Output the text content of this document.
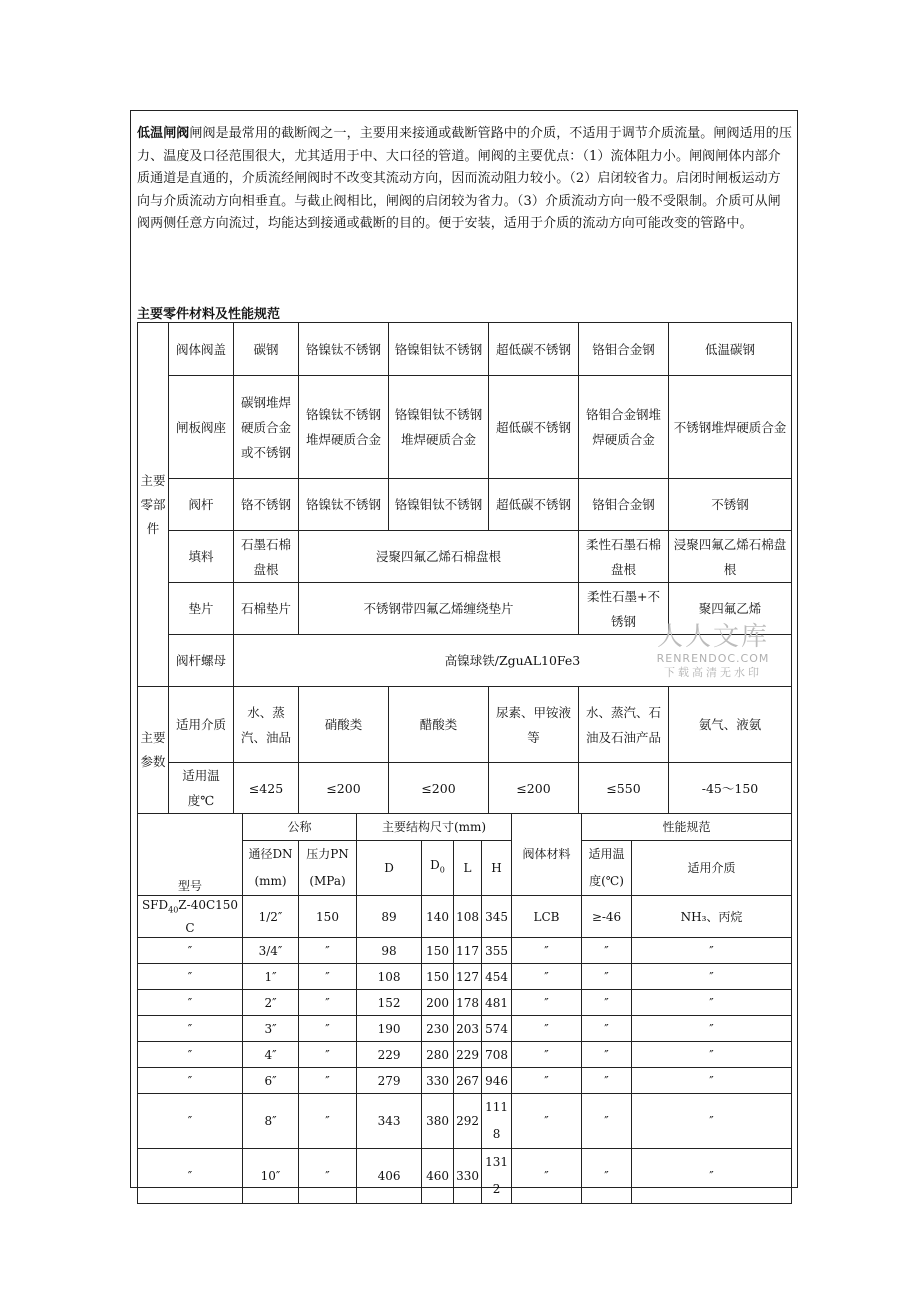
低温闸阀闸阀是最常用的截断阀之一，主要用来接通或截断管路中的介质，不适用于调节介质流量。闸阀适用的压力、温度及口径范围很大，尤其适用于中、大口径的管道。闸阀的主要优点：（1）流体阻力小。闸阀闸体内部介质通道是直通的，介质流经闸阀时不改变其流动方向，因而流动阻力较小。（2）启闭较省力。启闭时闸板运动方向与介质流动方向相垂直。与截止阀相比，闸阀的启闭较为省力。（3）介质流动方向一般不受限制。介质可从闸阀两侧任意方向流过，均能达到接通或截断的目的。便于安装，适用于介质的流动方向可能改变的管路中。
主要零件材料及性能规范
主要零部件	阀体阀盖	碳钢	铬镍钛不锈钢	铬镍钼钛不锈钢	超低碳不锈钢	铬钼合金钢	低温碳钢
	闸板阀座	碳钢堆焊硬质合金或不锈钢	铬镍钛不锈钢堆焊硬质合金	铬镍钼钛不锈钢堆焊硬质合金	超低碳不锈钢	铬钼合金钢堆焊硬质合金	不锈钢堆焊硬质合金
	阀杆	铬不锈钢	铬镍钛不锈钢	铬镍钼钛不锈钢	超低碳不锈钢	铬钼合金钢	不锈钢
	填料	石墨石棉盘根	浸聚四氟乙烯石棉盘根			柔性石墨石棉盘根	浸聚四氟乙烯石棉盘根
	垫片	石棉垫片	不锈钢带四氟乙烯缠绕垫片			柔性石墨+不锈钢	聚四氟乙烯
	阀杆螺母	高镍球铁/ZguAL10Fe3					
主要参数	适用介质	水、蒸汽、油品	硝酸类	醋酸类	尿素、甲铵液等	水、蒸汽、石油及石油产品	氨气、液氨
	适用温度℃	≤425	≤200	≤200	≤200	≤550	-45～150
型号	公称		主要结构尺寸(mm)				阀体材料	性能规范	
	通径DN(mm)	压力PN(MPa)	D	$D_0$	L	H		适用温度(℃)	适用介质

$SFD_{40}Z-40C150C$	1/2″	150	89	140	108	345	LCB	≥-46	NH₃、丙烷
″	3/4″	″	98	150	117	355	″	″	″
″	1″	″	108	150	127	454	″	″	″
″	2″	″	152	200	178	481	″	″	″
″	3″	″	190	230	203	574	″	″	″
″	4″	″	229	280	229	708	″	″	″
″	6″	″	279	330	267	946	″	″	″
″	8″	″	343	380	292	1118	″	″	″
″	10″	″	406	460	330	1312	″	″	″
人人文库
RENRENDOC.COM
下载高清无水印
